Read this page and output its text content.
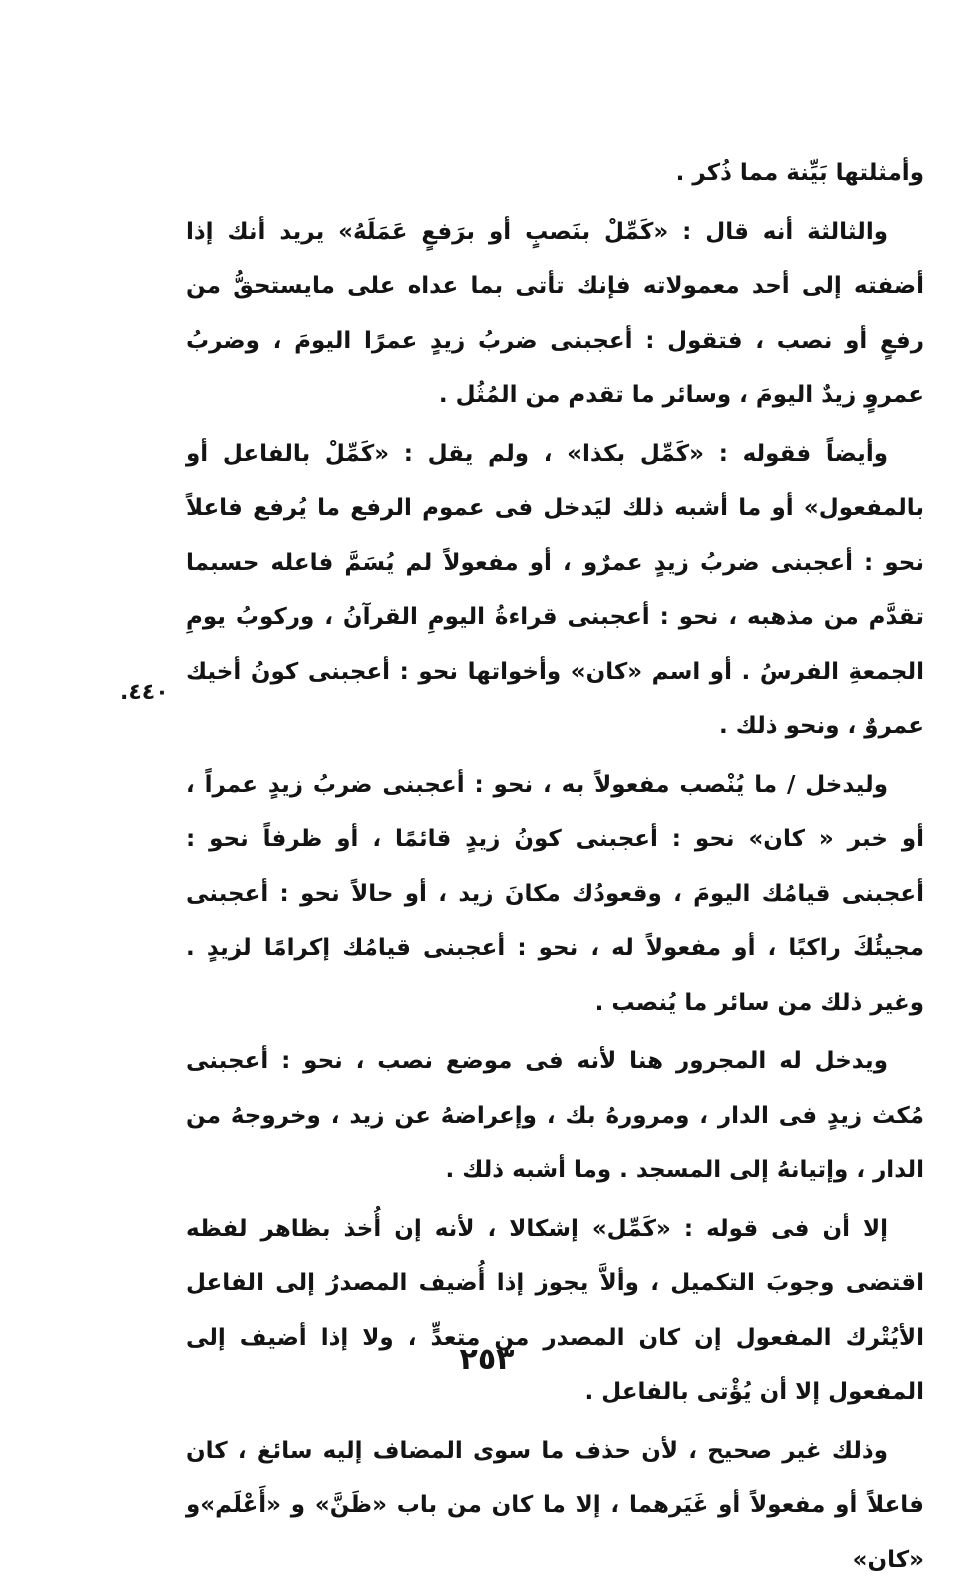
وأمثلتها بَيِّنة مما ذُكر .

والثالثة أنه قال : «كَمِّلْ بنَصبٍ أو برَفعٍ عَمَلَهُ» يريد أنك إذا أضفته إلى أحد معمولاته فإنك تأتى بما عداه على مايستحقُّ من رفعٍ أو نصب ، فتقول : أعجبنى ضربُ زيدٍ عمرًا اليومَ ، وضربُ عمروٍ زيدٌ اليومَ ، وسائر ما تقدم من المُثُل .

وأيضاً فقوله : «كَمِّل بكذا» ، ولم يقل : «كَمِّلْ بالفاعل أو بالمفعول» أو ما أشبه ذلك ليَدخل فى عموم الرفع ما يُرفع فاعلاً نحو : أعجبنى ضربُ زيدٍ عمرٌو ، أو مفعولاً لم يُسَمَّ فاعله حسبما تقدَّم من مذهبه ، نحو : أعجبنى قراءةُ اليومِ القرآنُ ، وركوبُ يومِ الجمعةِ الفرسُ . أو اسم «كان» وأخواتها نحو : أعجبنى كونُ أخيك عمروٌ ، ونحو ذلك .

وليدخل / ما يُنْصب مفعولاً به ، نحو : أعجبنى ضربُ زيدٍ عمراً ، أو خبر « كان» نحو : أعجبنى كونُ زيدٍ قائمًا ، أو ظرفاً نحو : أعجبنى قيامُك اليومَ ، وقعودُك مكانَ زيد ، أو حالاً نحو : أعجبنى مجيئُكَ راكبًا ، أو مفعولاً له ، نحو : أعجبنى قيامُك إكرامًا لزيدٍ . وغير ذلك من سائر ما يُنصب .

ويدخل له المجرور هنا لأنه فى موضع نصب ، نحو : أعجبنى مُكث زيدٍ فى الدار ، ومرورهُ بك ، وإعراضهُ عن زيد ، وخروجهُ من الدار ، وإتيانهُ إلى المسجد . وما أشبه ذلك .

إلا أن فى قوله : «كَمِّل» إشكالا ، لأنه إن أُخذ بظاهر لفظه اقتضى وجوبَ التكميل ، وألاَّ يجوز إذا أُضيف المصدرُ إلى الفاعل الأيُتْرك المفعول إن كان المصدر من متعدٍّ ، ولا إذا أضيف إلى المفعول إلا أن يُؤْتى بالفاعل .

وذلك غير صحيح ، لأن حذف ما سوى المضاف إليه سائغ ، كان فاعلاً أو مفعولاً أو غَيَرهما ، إلا ما كان من باب «ظَنَّ» و «أَعْلَم»و «كان»

٤٤٠.
٢٥٣
